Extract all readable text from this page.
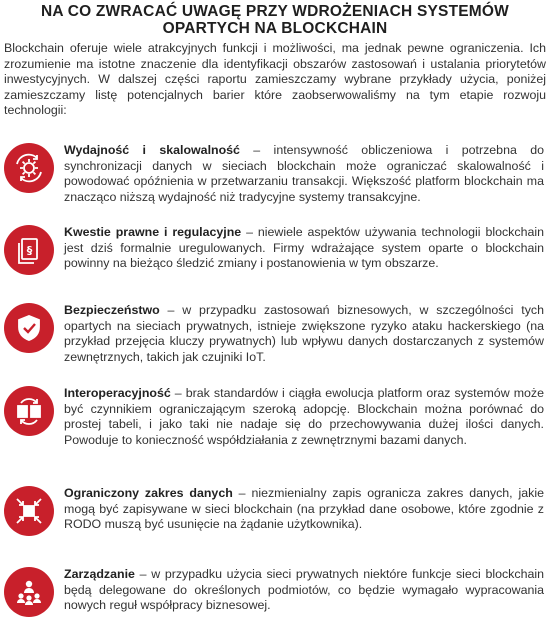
NA CO ZWRACAĆ UWAGĘ PRZY WDROŻENIACH SYSTEMÓW
OPARTYCH NA BLOCKCHAIN

Blockchain oferuje wiele atrakcyjnych funkcji i możliwości, ma jednak pewne ograniczenia. Ich zrozumienie ma istotne znaczenie dla identyfikacji obszarów zastosowań i ustalania priorytetów inwestycyjnych. W dalszej części raportu zamieszczamy wybrane przykłady użycia, poniżej zamieszczamy listę potencjalnych barier które zaobserwowaliśmy na tym etapie rozwoju technologii:

Wydajność i skalowalność – intensywność obliczeniowa i potrzebna do synchronizacji danych w sieciach blockchain może ograniczać skalowalność i powodować opóźnienia w przetwarzaniu transakcji. Większość platform blockchain ma znacząco niższą wydajność niż tradycyjne systemy transakcyjne.
§
Kwestie prawne i regulacyjne – niewiele aspektów używania technologii blockchain jest dziś formalnie uregulowanych. Firmy wdrażające system oparte o blockchain powinny na bieżąco śledzić zmiany i postanowienia w tym obszarze.
Bezpieczeństwo – w przypadku zastosowań biznesowych, w szczególności tych opartych na sieciach prywatnych, istnieje zwiększone ryzyko ataku hackerskiego (na przykład przejęcia kluczy prywatnych) lub wpływu danych dostarczanych z systemów zewnętrznych, takich jak czujniki IoT.
Interoperacyjność – brak standardów i ciągła ewolucja platform oraz systemów może być czynnikiem ograniczającym szeroką adopcję. Blockchain można porównać do prostej tabeli, i jako taki nie nadaje się do przechowywania dużej ilości danych. Powoduje to konieczność współdziałania z zewnętrznymi bazami danych.
Ograniczony zakres danych – niezmienialny zapis ogranicza zakres danych, jakie mogą być zapisywane w sieci blockchain (na przykład dane osobowe, które zgodnie z RODO muszą być usunięcie na żądanie użytkownika).
Zarządzanie – w przypadku użycia sieci prywatnych niektóre funkcje sieci blockchain będą delegowane do określonych podmiotów, co będzie wymagało wypracowania nowych reguł współpracy biznesowej.
